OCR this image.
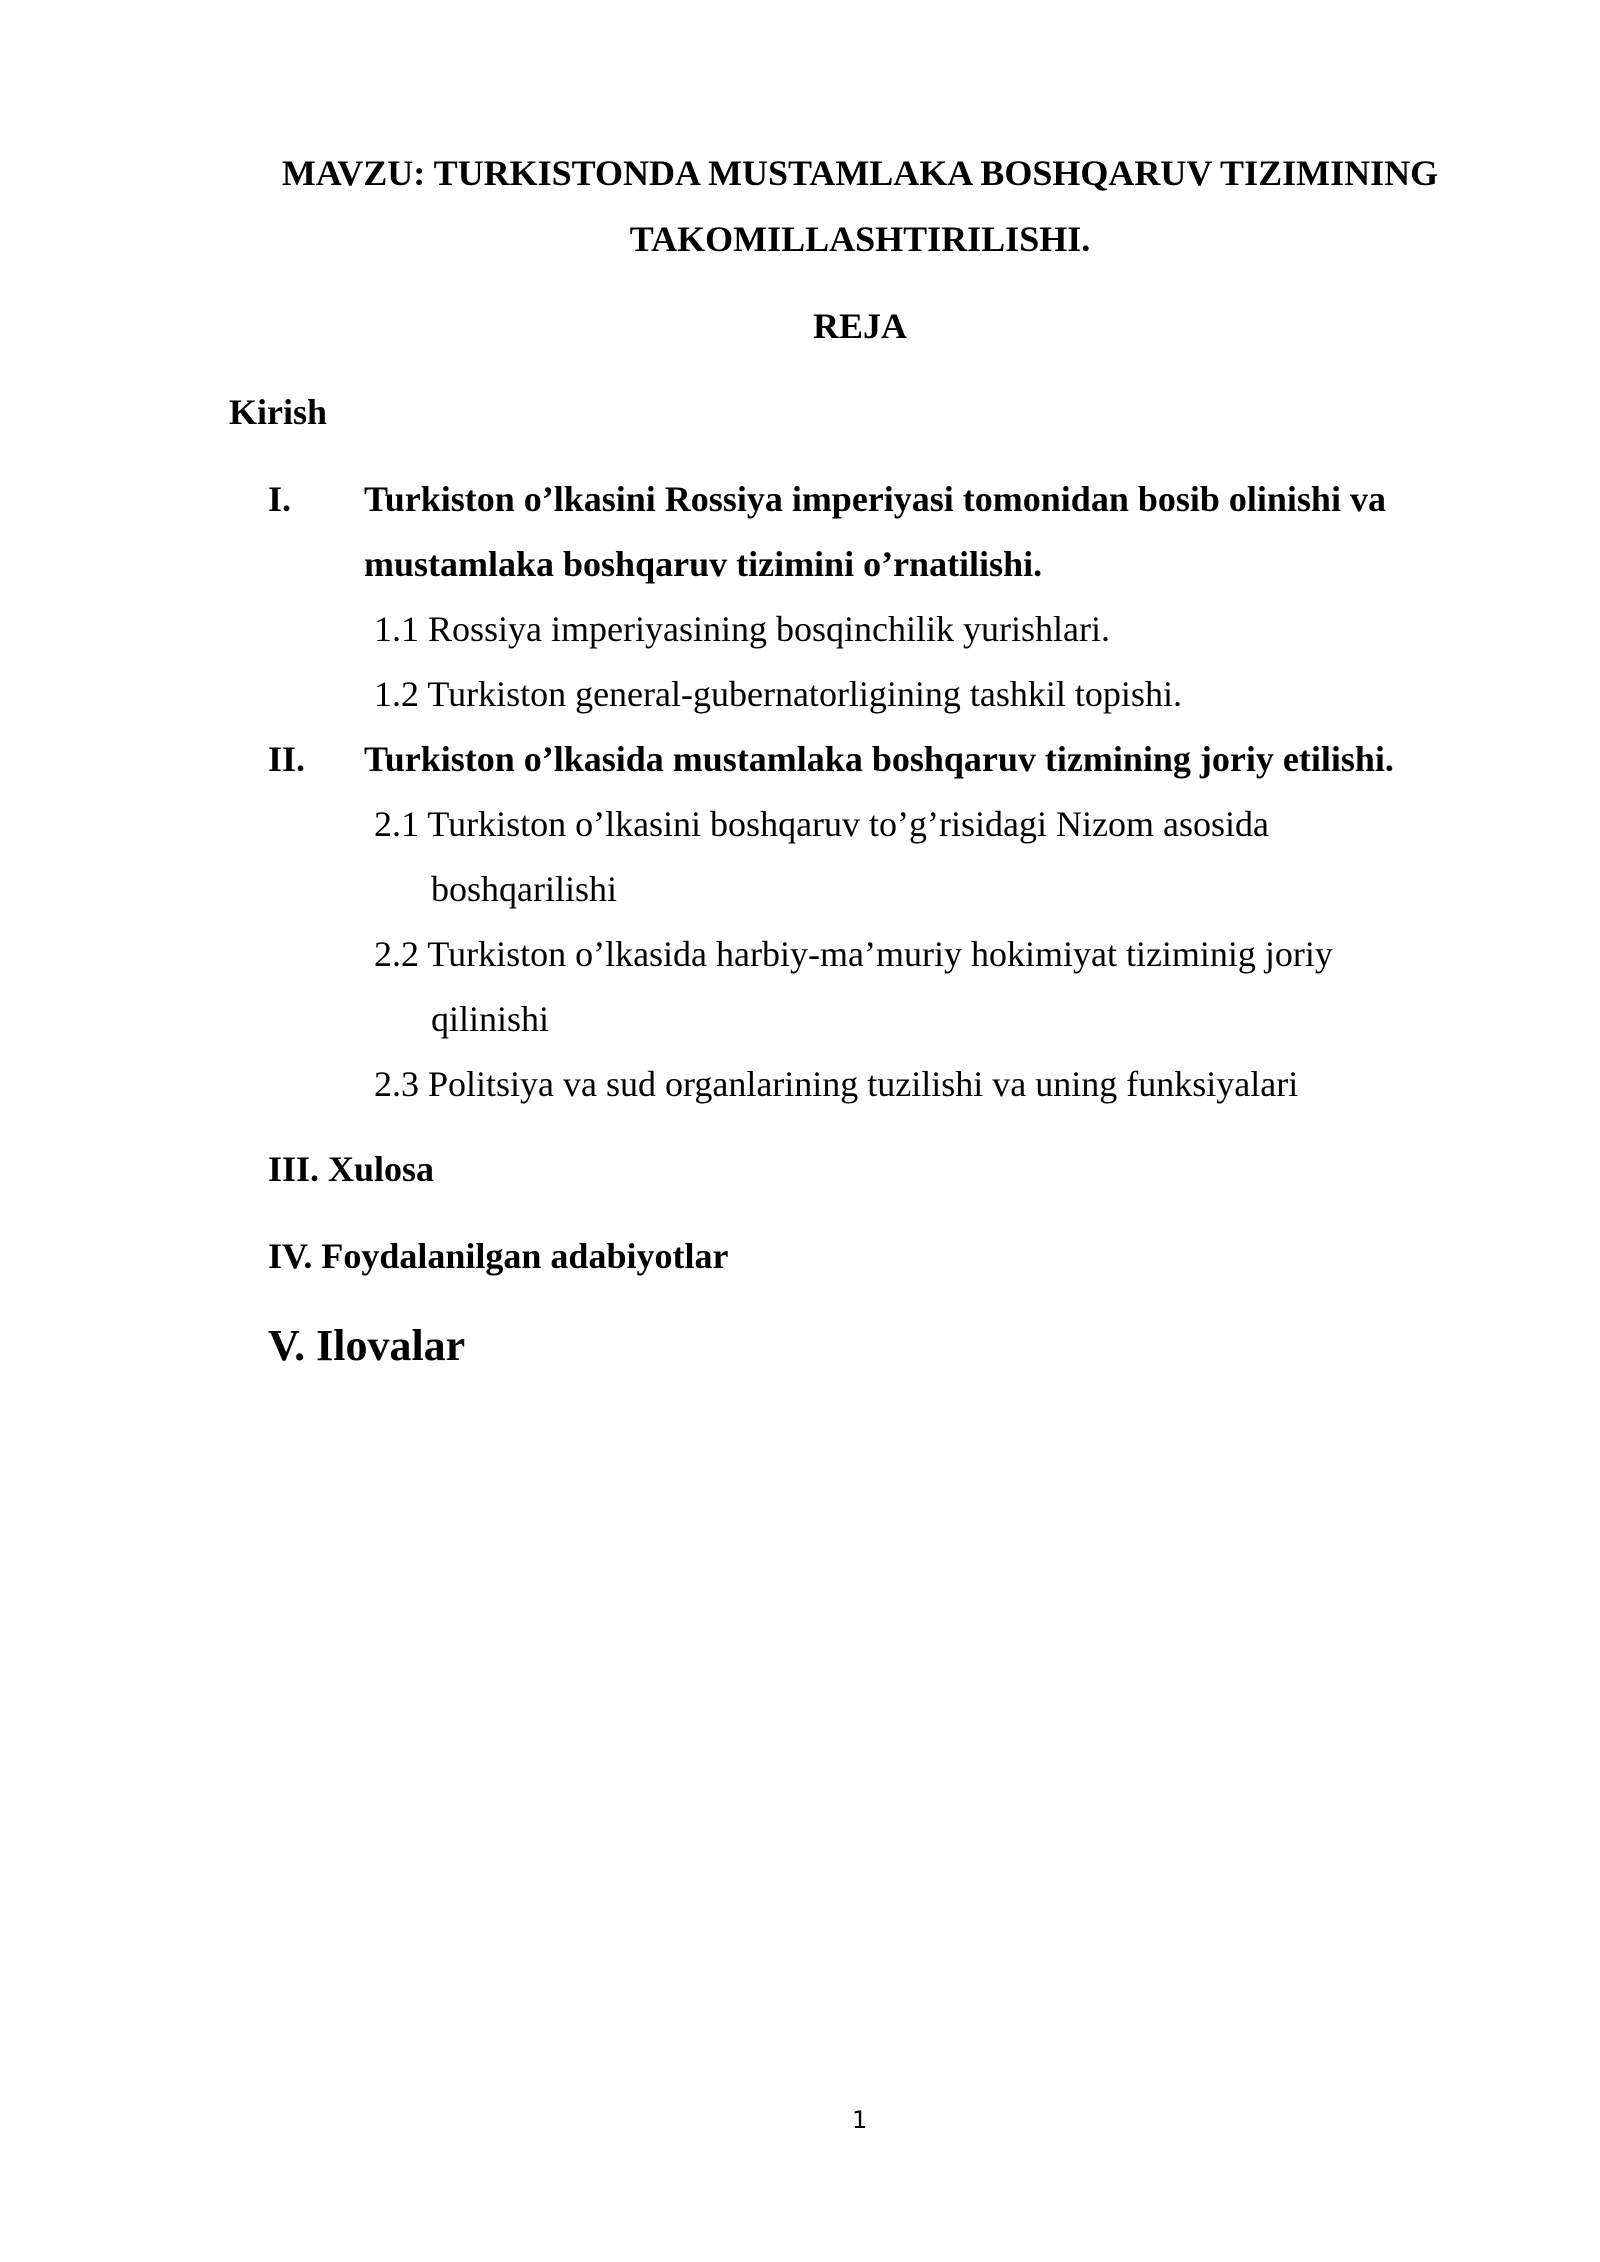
MAVZU: TURKISTONDA MUSTAMLAKA BOSHQARUV TIZIMINING
TAKOMILLASHTIRILISHI.
REJA
Kirish
I. Turkiston o’lkasini Rossiya imperiyasi tomonidan bosib olinishi va
mustamlaka boshqaruv tizimini o’rnatilishi.
1.1 Rossiya imperiyasining bosqinchilik yurishlari.
1.2 Turkiston general-gubernatorligining tashkil topishi.
II. Turkiston o’lkasida mustamlaka boshqaruv tizmining joriy etilishi.
2.1 Turkiston o’lkasini boshqaruv to’g’risidagi Nizom asosida
boshqarilishi
2.2 Turkiston o’lkasida harbiy-ma’muriy hokimiyat tiziminig joriy
qilinishi
2.3 Politsiya va sud organlarining tuzilishi va uning funksiyalari
III. Xulosa
IV. Foydalanilgan adabiyotlar
V. Ilovalar
1
